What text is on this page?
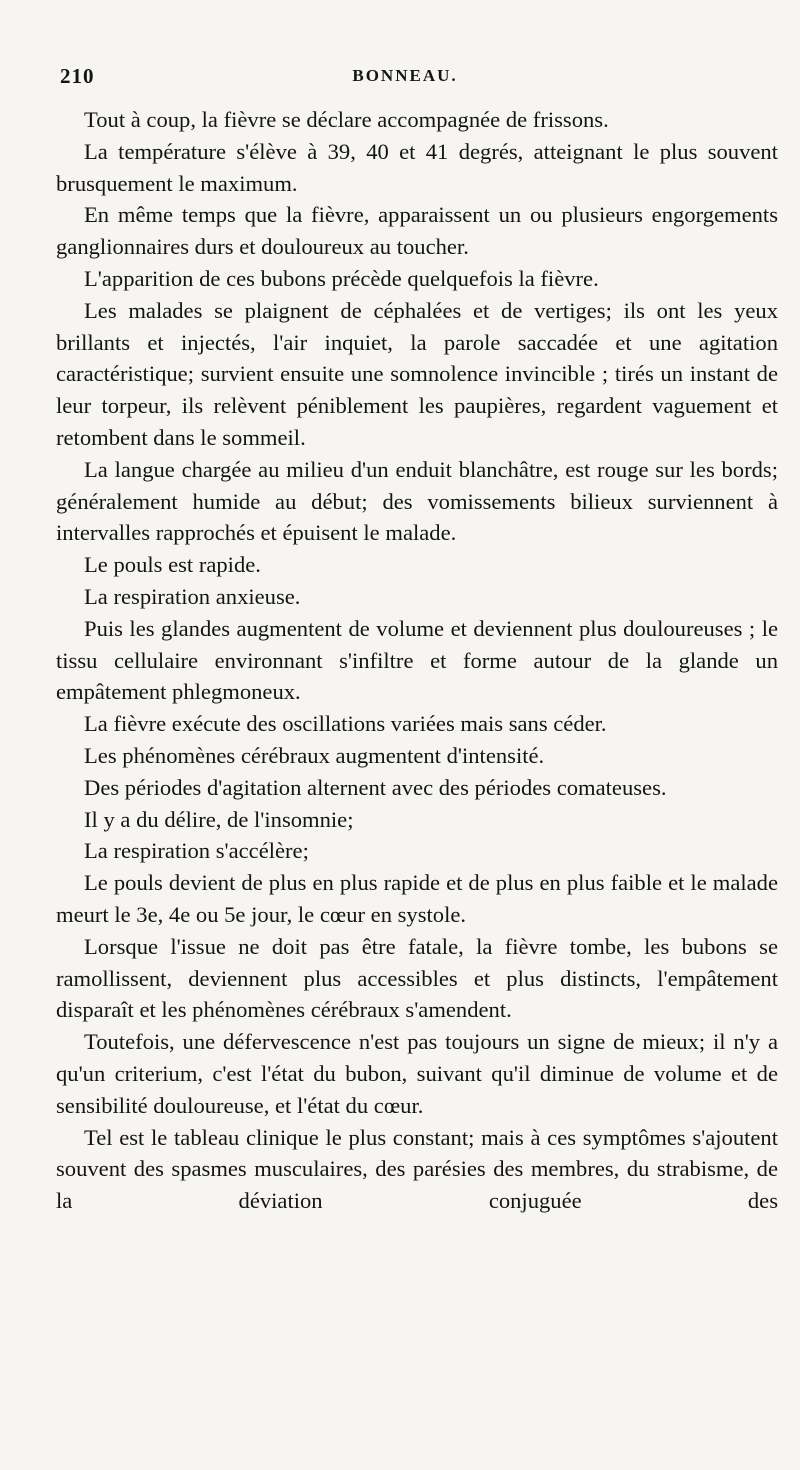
210	BONNEAU.

Tout à coup, la fièvre se déclare accompagnée de frissons.

La température s'élève à 39, 40 et 41 degrés, atteignant le plus souvent brusquement le maximum.

En même temps que la fièvre, apparaissent un ou plusieurs engorgements ganglionnaires durs et douloureux au toucher.

L'apparition de ces bubons précède quelquefois la fièvre.

Les malades se plaignent de céphalées et de vertiges; ils ont les yeux brillants et injectés, l'air inquiet, la parole saccadée et une agitation caractéristique; survient ensuite une somnolence invincible ; tirés un instant de leur torpeur, ils relèvent péniblement les paupières, regardent vaguement et retombent dans le sommeil.

La langue chargée au milieu d'un enduit blanchâtre, est rouge sur les bords; généralement humide au début; des vomissements bilieux surviennent à intervalles rapprochés et épuisent le malade.

Le pouls est rapide.

La respiration anxieuse.

Puis les glandes augmentent de volume et deviennent plus douloureuses ; le tissu cellulaire environnant s'infiltre et forme autour de la glande un empâtement phlegmoneux.

La fièvre exécute des oscillations variées mais sans céder.

Les phénomènes cérébraux augmentent d'intensité.

Des périodes d'agitation alternent avec des périodes comateuses.

Il y a du délire, de l'insomnie;

La respiration s'accélère;

Le pouls devient de plus en plus rapide et de plus en plus faible et le malade meurt le 3e, 4e ou 5e jour, le cœur en systole.

Lorsque l'issue ne doit pas être fatale, la fièvre tombe, les bubons se ramollissent, deviennent plus accessibles et plus distincts, l'empâtement disparaît et les phénomènes cérébraux s'amendent.

Toutefois, une défervescence n'est pas toujours un signe de mieux; il n'y a qu'un criterium, c'est l'état du bubon, suivant qu'il diminue de volume et de sensibilité douloureuse, et l'état du cœur.

Tel est le tableau clinique le plus constant; mais à ces symptômes s'ajoutent souvent des spasmes musculaires, des parésies des membres, du strabisme, de la déviation conjuguée des
